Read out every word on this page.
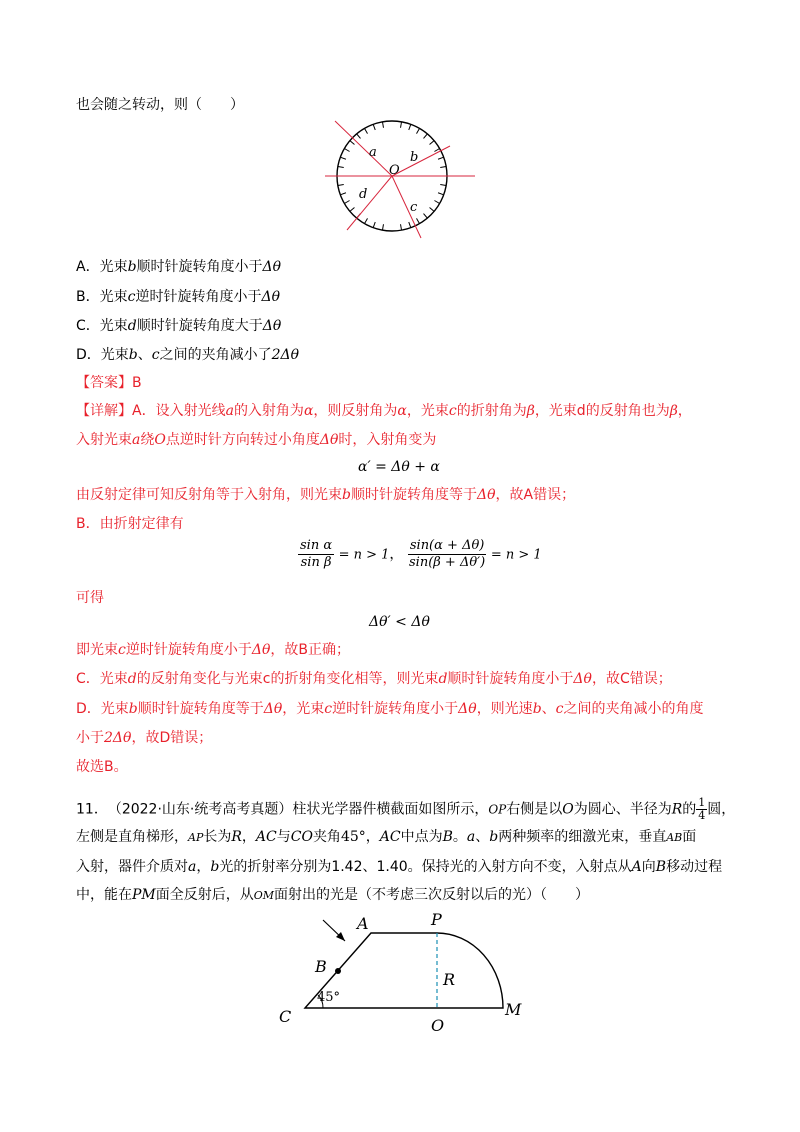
也会随之转动，则（　　）
a
O
b
d
c
A．光束b顺时针旋转角度小于Δθ
B．光束c逆时针旋转角度小于Δθ
C．光束d顺时针旋转角度大于Δθ
D．光束b、c之间的夹角减小了2Δθ
【答案】B
【详解】A．设入射光线a的入射角为α，则反射角为α，光束c的折射角为β，光束d的反射角也为β，
入射光束a绕O点逆时针方向转过小角度Δθ时，入射角变为
α′ = Δθ + α
由反射定律可知反射角等于入射角，则光束b顺时针旋转角度等于Δθ，故A错误；
B．由折射定律有
$\frac{\text{sin α}}{\text{sin β}} = n > 1$， $\frac{\sin(\alpha + \Delta\theta)}{\sin(\beta + \Delta\theta')} = n > 1$
可得
Δθ′ < Δθ
即光束c逆时针旋转角度小于Δθ，故B正确；
C．光束d的反射角变化与光束c的折射角变化相等，则光束d顺时针旋转角度小于Δθ，故C错误；
D．光束b顺时针旋转角度等于Δθ，光束c逆时针旋转角度小于Δθ，则光速b、c之间的夹角减小的角度
小于2Δθ，故D错误；
故选B。
11．　（2022·山东·统考高考真题）柱状光学器件横截面如图所示，OP右侧是以O为圆心、半径为R的 $\frac{1}{4}$ 圆，
左侧是直角梯形，AP长为R，AC与CO夹角45°，AC中点为B。a、b两种频率的细激光束，垂直AB面
入射，器件介质对a，b光的折射率分别为1.42、1.40。保持光的入射方向不变，入射点从A向B移动过程
中，能在PM面全反射后，从OM面射出的光是（不考虑三次反射以后的光）（　　）
A	P
B
R
45°
C	O
M
